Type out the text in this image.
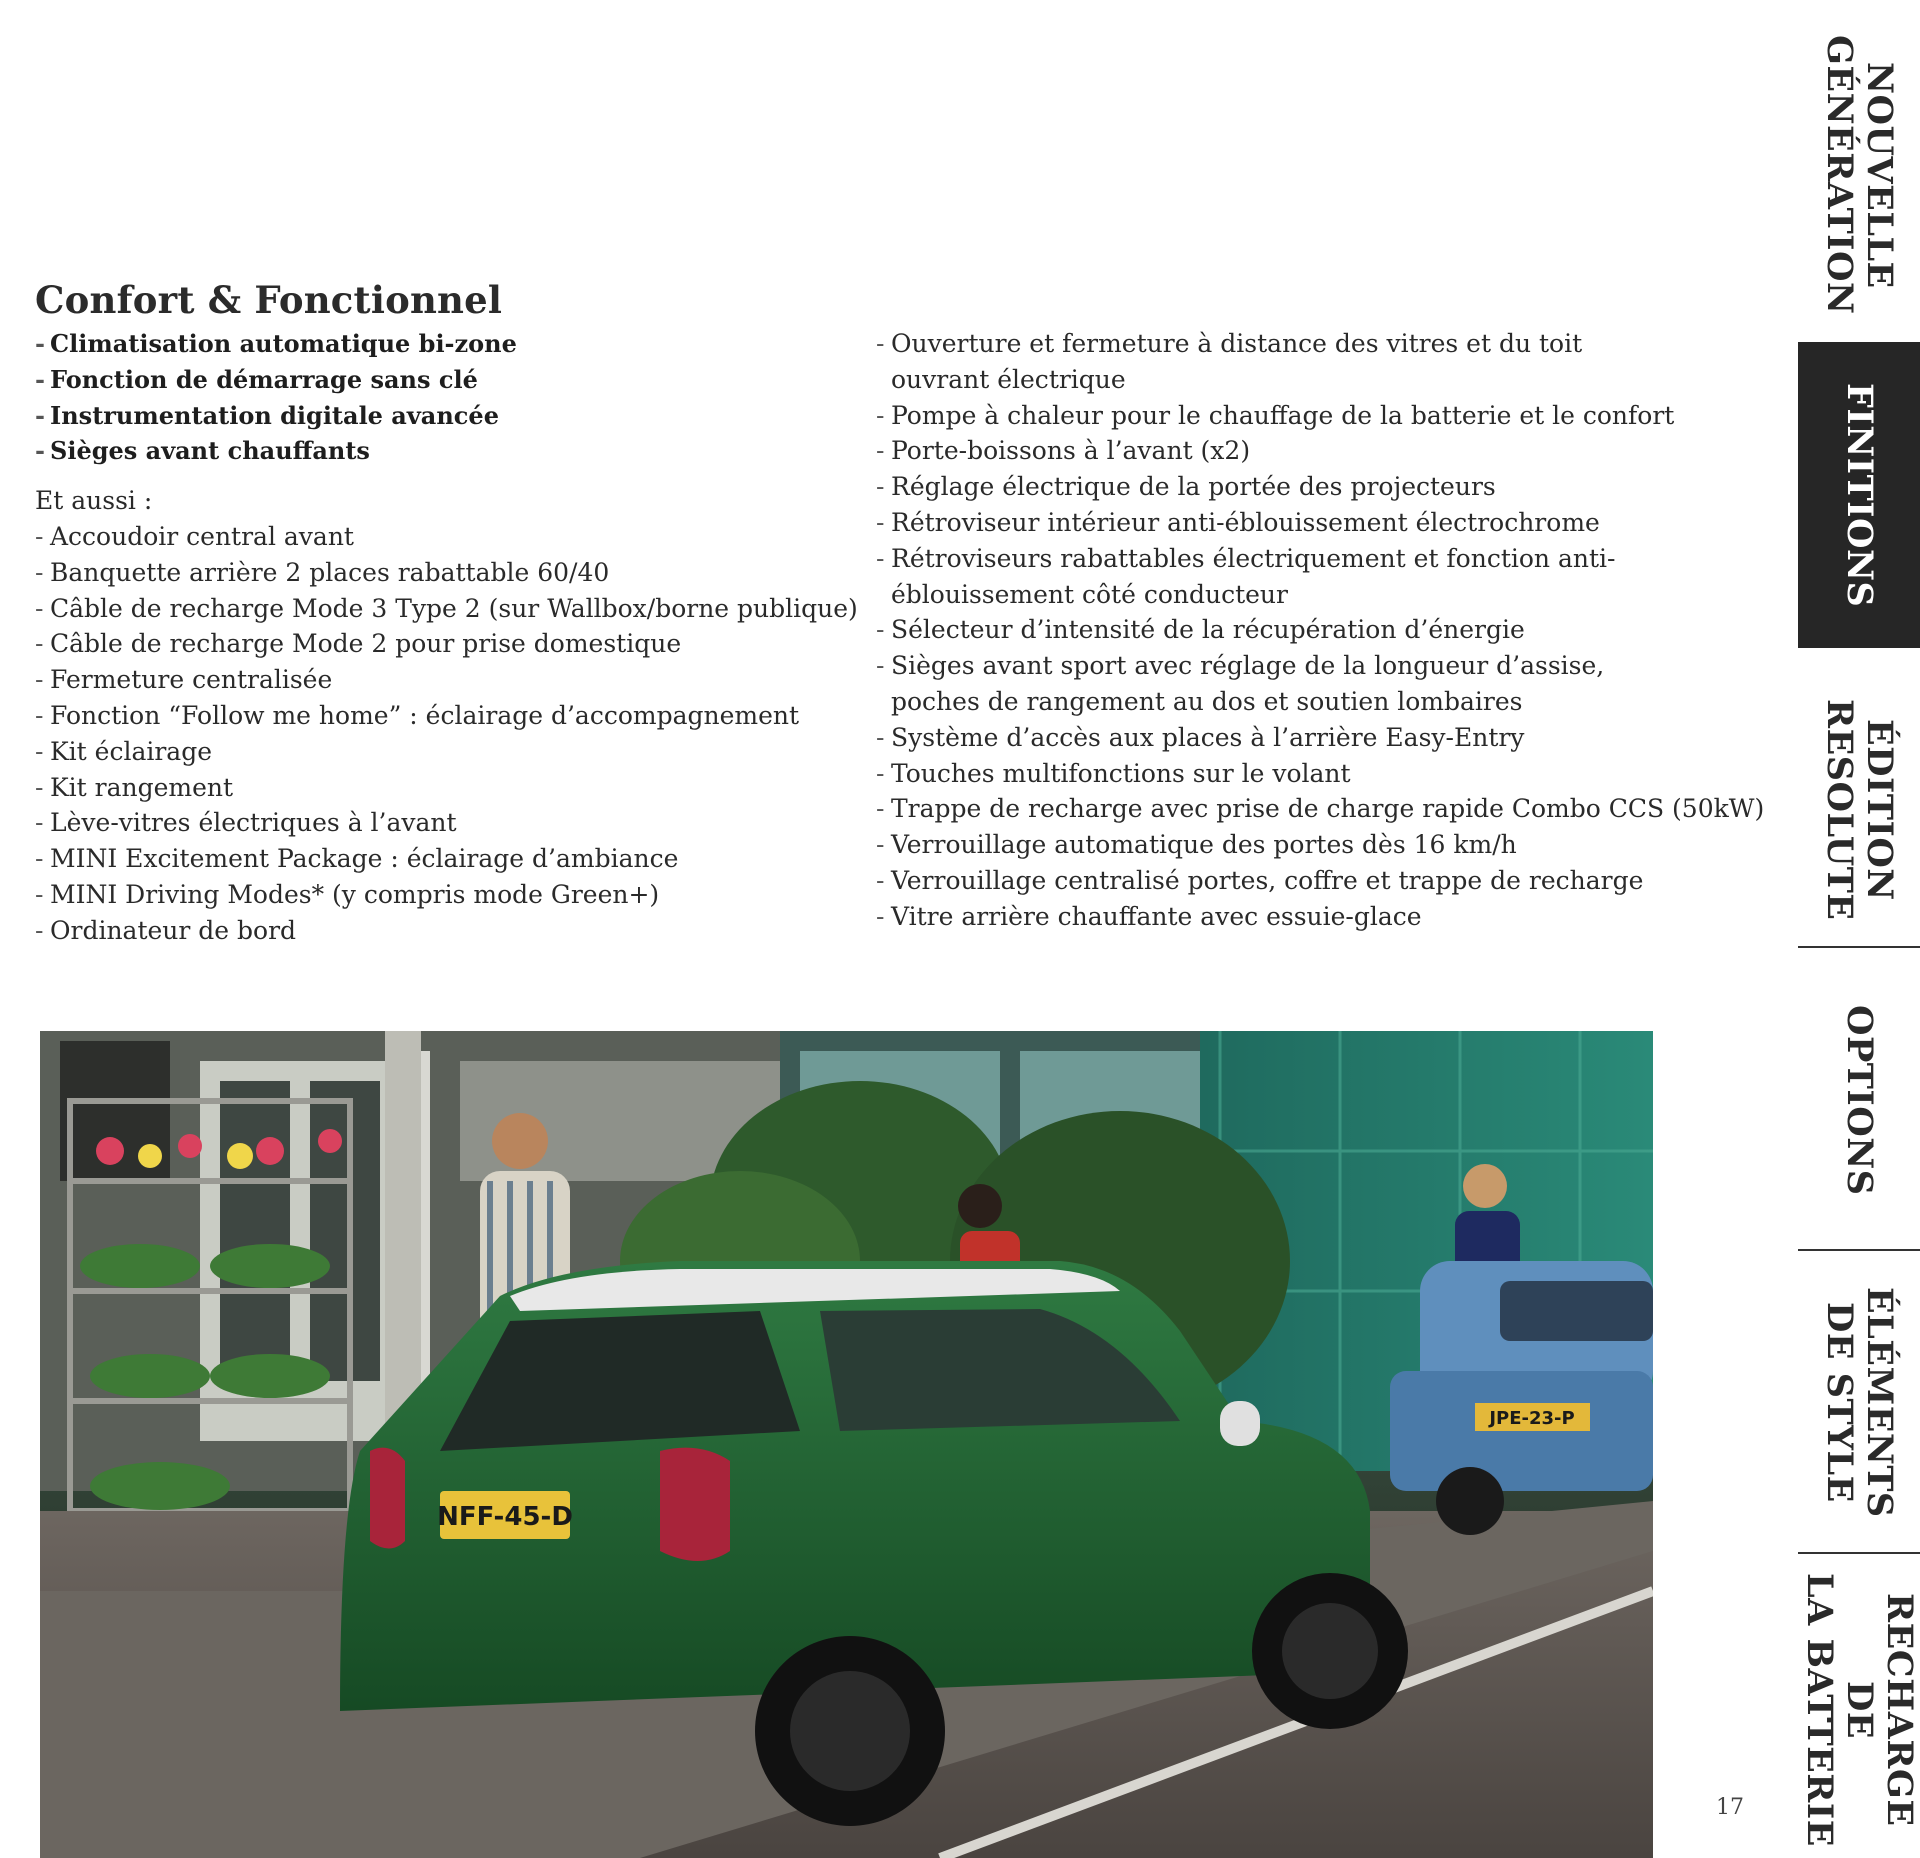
Confort & Fonctionnel
- Climatisation automatique bi-zone
- Fonction de démarrage sans clé
- Instrumentation digitale avancée
- Sièges avant chauffants
Et aussi :
- Accoudoir central avant
- Banquette arrière 2 places rabattable 60/40
- Câble de recharge Mode 3 Type 2 (sur Wallbox/borne publique)
- Câble de recharge Mode 2 pour prise domestique
- Fermeture centralisée
- Fonction “Follow me home” : éclairage d’accompagnement
- Kit éclairage
- Kit rangement
- Lève-vitres électriques à l’avant
- MINI Excitement Package : éclairage d’ambiance
- MINI Driving Modes* (y compris mode Green+)
- Ordinateur de bord
- Ouverture et fermeture à distance des vitres et du toit ouvrant électrique
- Pompe à chaleur pour le chauffage de la batterie et le confort
- Porte-boissons à l’avant (x2)
- Réglage électrique de la portée des projecteurs
- Rétroviseur intérieur anti-éblouissement électrochrome
- Rétroviseurs rabattables électriquement et fonction anti-éblouissement côté conducteur
- Sélecteur d’intensité de la récupération d’énergie
- Sièges avant sport avec réglage de la longueur d’assise, poches de rangement au dos et soutien lombaires
- Système d’accès aux places à l’arrière Easy-Entry
- Touches multifonctions sur le volant
- Trappe de recharge avec prise de charge rapide Combo CCS (50kW)
- Verrouillage automatique des portes dès 16 km/h
- Verrouillage centralisé portes, coffre et trappe de recharge
- Vitre arrière chauffante avec essuie-glace
JPE-23-P
NFF-45-D
NOUVELLE
GÉNÉRATION
FINITIONS
ÉDITION
RESOLUTE
OPTIONS
ÉLÉMENTS
DE STYLE
RECHARGE DE
LA BATTERIE
17
